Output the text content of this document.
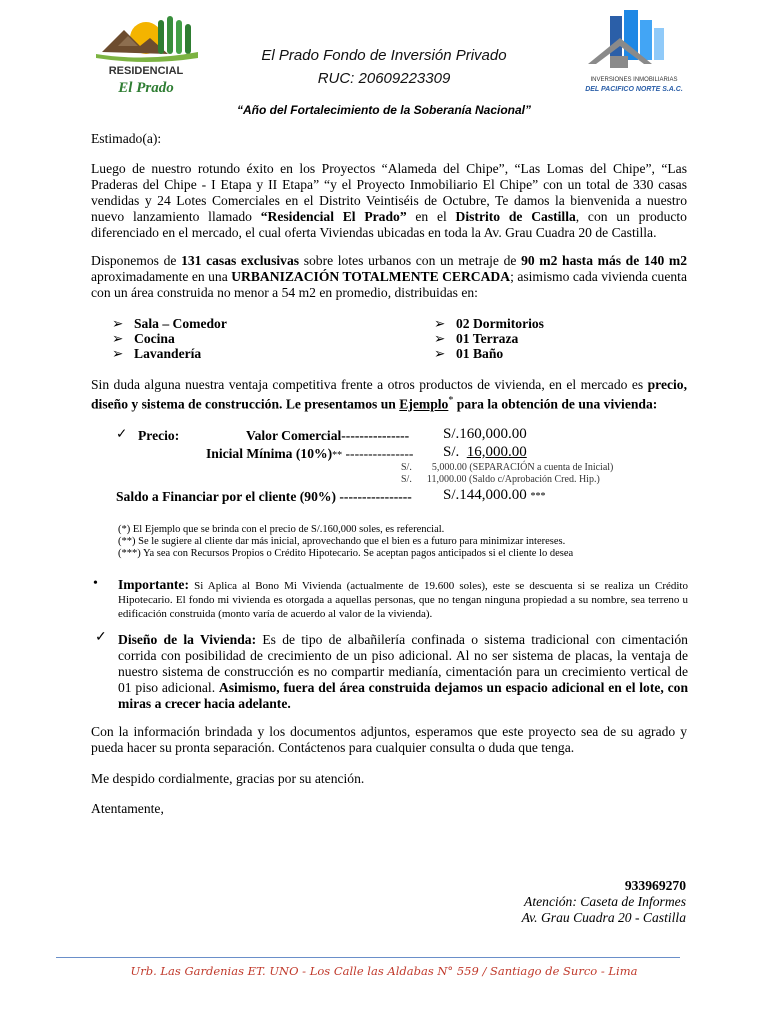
RESIDENCIAL
El Prado
El Prado Fondo de Inversión Privado
RUC: 20609223309	INVERSIONES INMOBILIARIAS
DEL PACIFICO NORTE S.A.C.
“Año del Fortalecimiento de la Soberanía Nacional”

Estimado(a):

Luego de nuestro rotundo éxito en los Proyectos “Alameda del Chipe”, “Las Lomas del Chipe”, “Las Praderas del Chipe - I Etapa y II Etapa” “y el Proyecto Inmobiliario El Chipe” con un total de 330 casas vendidas y 24 Lotes Comerciales en el Distrito Veintiséis de Octubre, Te damos la bienvenida a nuestro nuevo lanzamiento llamado “Residencial El Prado” en el Distrito de Castilla, con un producto diferenciado en el mercado, el cual oferta Viviendas ubicadas en toda la Av. Grau Cuadra 20 de Castilla.

Disponemos de 131 casas exclusivas sobre lotes urbanos con un metraje de 90 m2 hasta más de 140 m2 aproximadamente en una URBANIZACIÓN TOTALMENTE CERCADA; asimismo cada vivienda cuenta con un área construida no menor a 54 m2 en promedio, distribuidas en:

➢ Sala – Comedor
➢ Cocina
➢ Lavandería
➢ 02 Dormitorios
➢ 01 Terraza
➢ 01 Baño

Sin duda alguna nuestra ventaja competitiva frente a otros productos de vivienda, en el mercado es precio, diseño y sistema de construcción. Le presentamos un Ejemplo* para la obtención de una vivienda:

✓ Precio:	Valor Comercial--------------- S/.160,000.00
Inicial Mínima (10%)** --------------- S/. 16,000.00
S/. 5,000.00 (SEPARACIÓN a cuenta de Inicial)
S/. 11,000.00 (Saldo c/Aprobación Cred. Hip.)
Saldo a Financiar por el cliente (90%) ---------------- S/.144,000.00 ***
(*) El Ejemplo que se brinda con el precio de S/.160,000 soles, es referencial.
(**) Se le sugiere al cliente dar más inicial, aprovechando que el bien es a futuro para minimizar intereses.
(***) Ya sea con Recursos Propios o Crédito Hipotecario. Se aceptan pagos anticipados si el cliente lo desea
• Importante: Si Aplica al Bono Mi Vivienda (actualmente de 19.600 soles), este se descuenta si se realiza un Crédito Hipotecario. El fondo mi vivienda es otorgada a aquellas personas, que no tengan ninguna propiedad a su nombre, sea terreno u edificación construida (monto varía de acuerdo al valor de la vivienda).

✓ Diseño de la Vivienda: Es de tipo de albañilería confinada o sistema tradicional con cimentación corrida con posibilidad de crecimiento de un piso adicional. Al no ser sistema de placas, la ventaja de nuestro sistema de construcción es no compartir medianía, cimentación para un crecimiento vertical de 01 piso adicional. Asimismo, fuera del área construida dejamos un espacio adicional en el lote, con miras a crecer hacia adelante.

Con la información brindada y los documentos adjuntos, esperamos que este proyecto sea de su agrado y pueda hacer su pronta separación. Contáctenos para cualquier consulta o duda que tenga.

Me despido cordialmente, gracias por su atención.

Atentamente,

933969270
Atención: Caseta de Informes
Av. Grau Cuadra 20 - Castilla
Urb. Las Gardenias ET. UNO - Los Calle las Aldabas N° 559 / Santiago de Surco - Lima
